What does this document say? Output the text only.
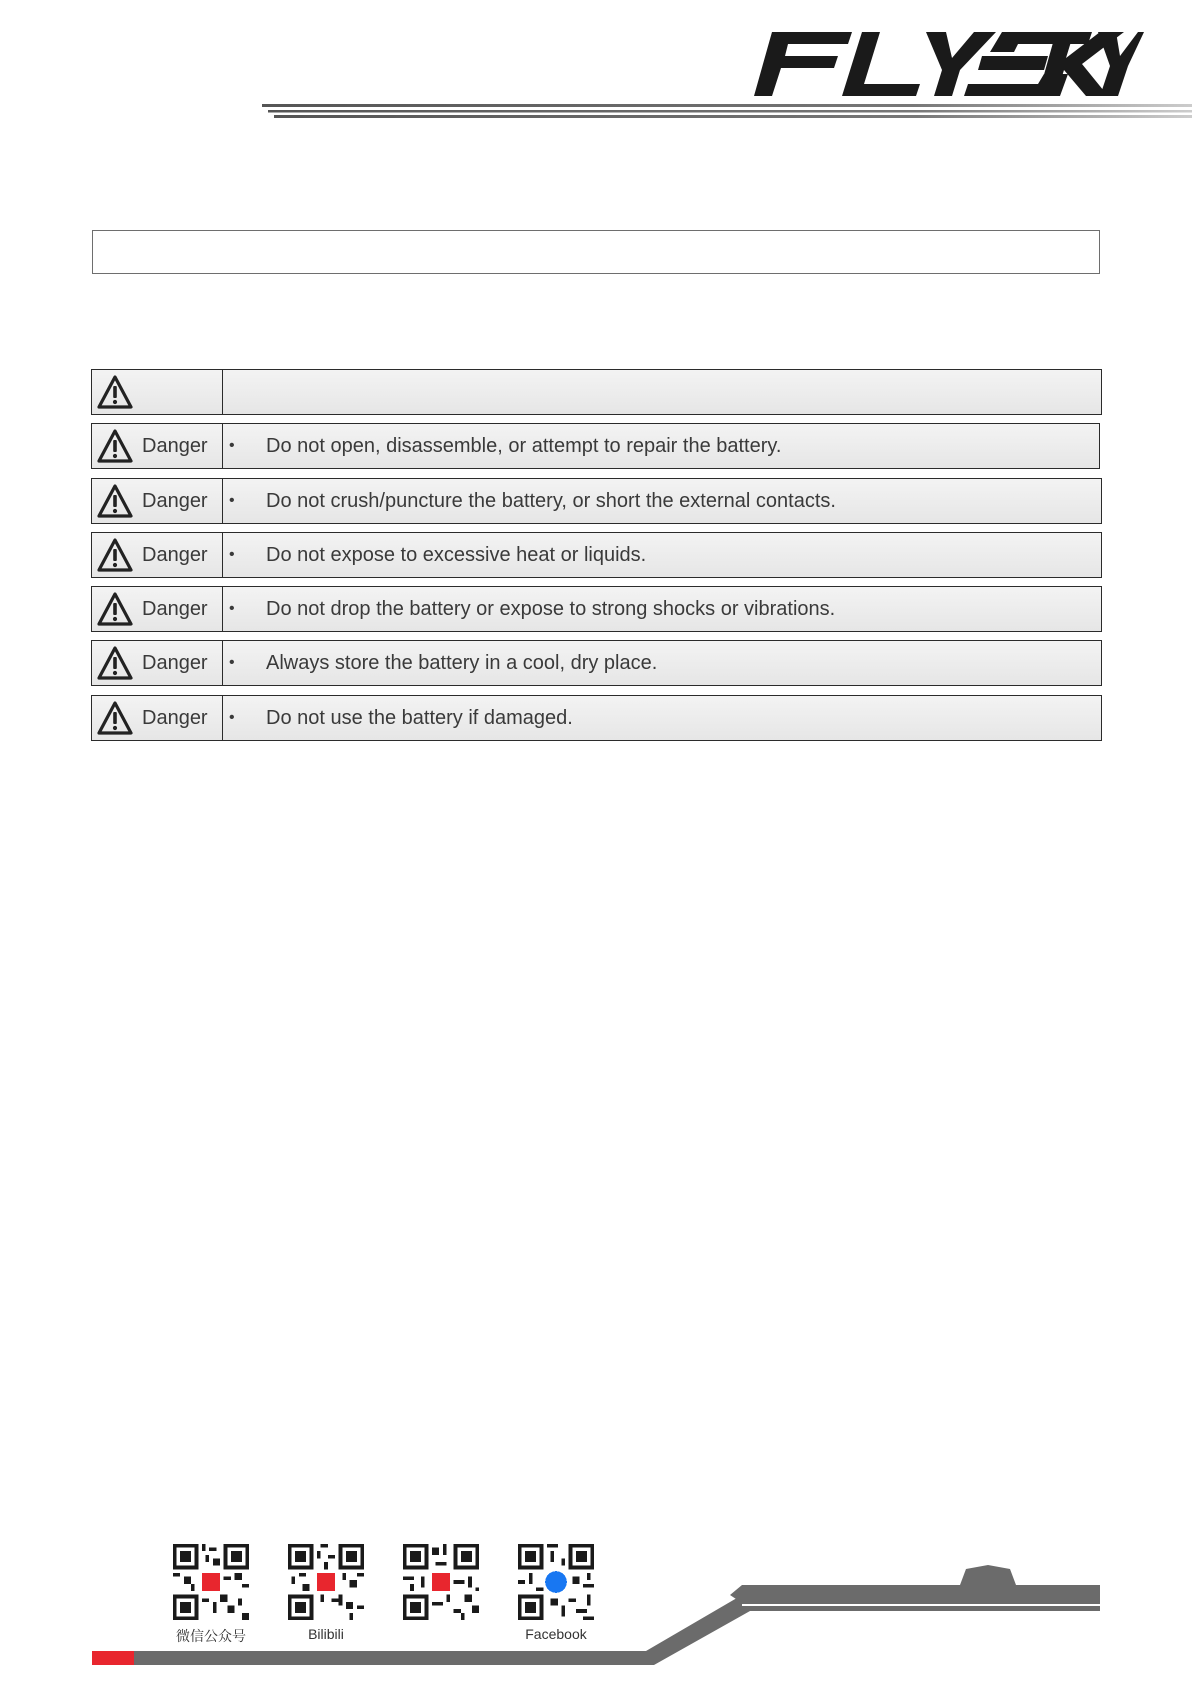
Danger •	Do not open, disassemble, or attempt to repair the battery.
Danger •	Do not crush/puncture the battery, or short the external contacts.
Danger •	Do not expose to excessive heat or liquids.
Danger •	Do not drop the battery or expose to strong shocks or vibrations.
Danger •	Always store the battery in a cool, dry place.
Danger •	Do not use the battery if damaged.
微信公众号	Bilibili	Facebook
